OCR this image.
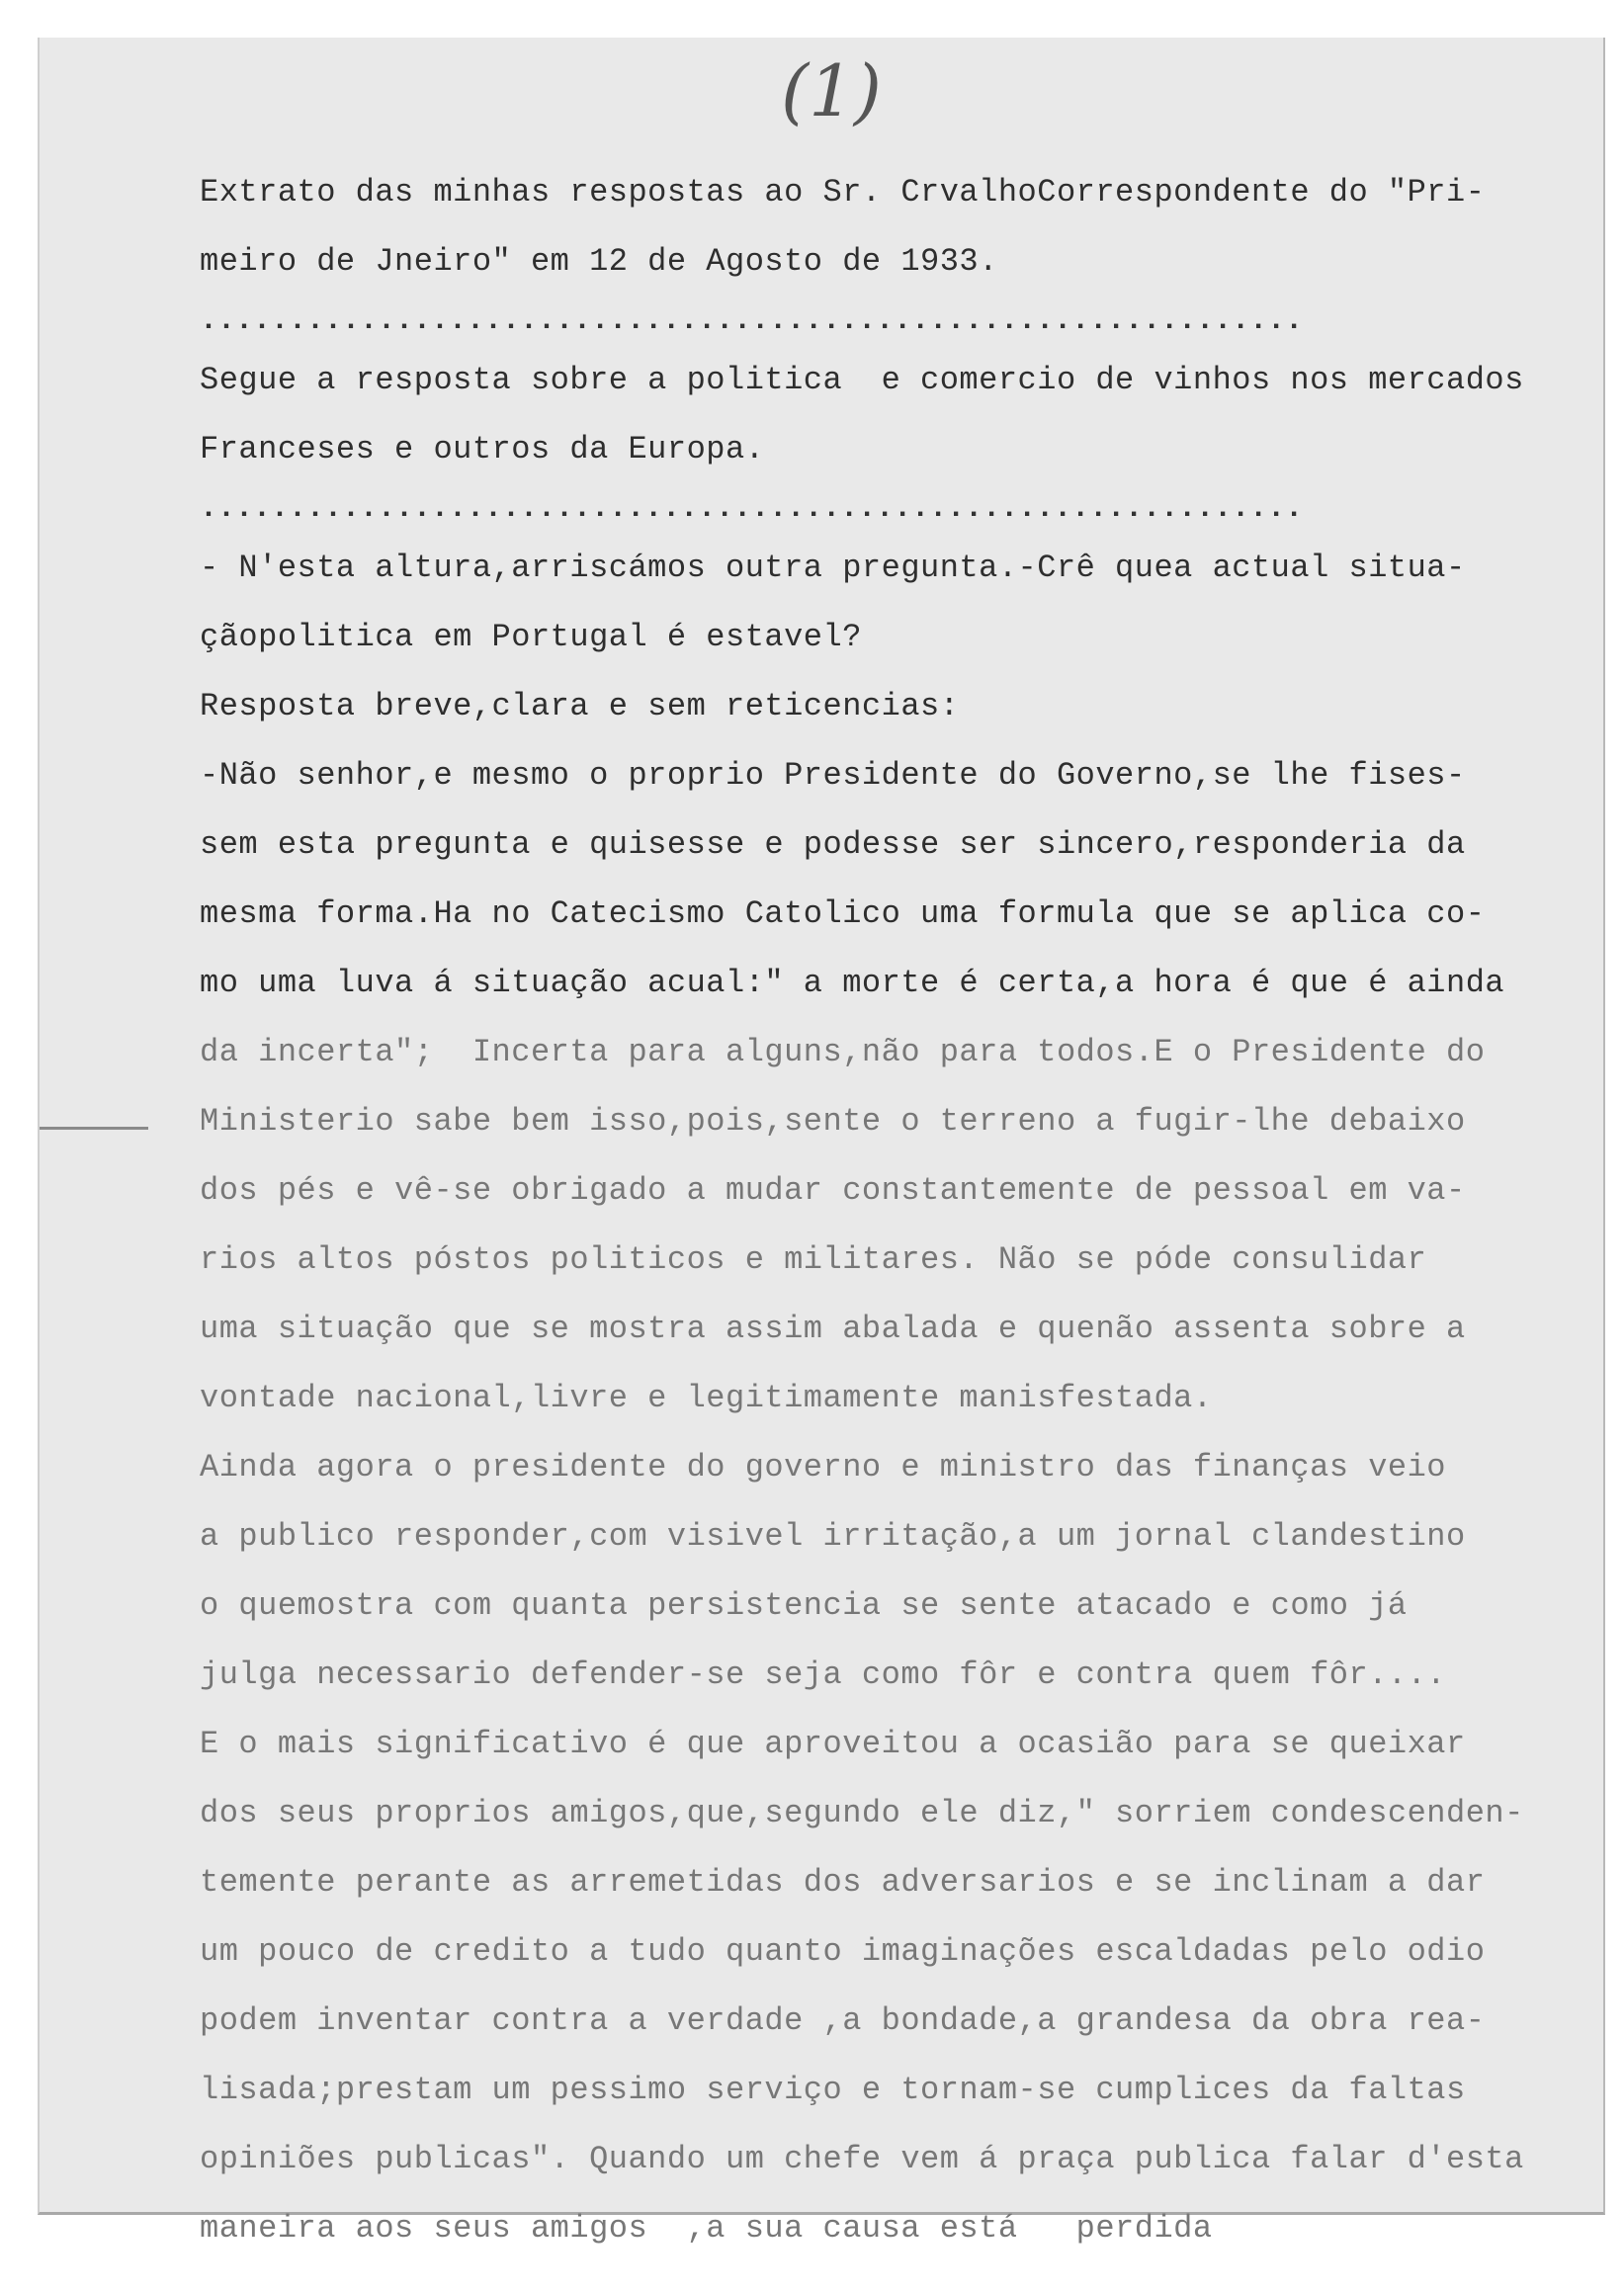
(1)
Extrato das minhas respostas ao Sr. CrvalhoCorrespondente do "Pri-
meiro de Jneiro" em 12 de Agosto de 1933.
..............................................................
Segue a resposta sobre a politica  e comercio de vinhos nos mercados
Franceses e outros da Europa.
..............................................................
- N'esta altura,arriscámos outra pregunta.-Crê quea actual situa-
çãopolitica em Portugal é estavel?
Resposta breve,clara e sem reticencias:
-Não senhor,e mesmo o proprio Presidente do Governo,se lhe fises-
sem esta pregunta e quisesse e podesse ser sincero,responderia da
mesma forma.Ha no Catecismo Catolico uma formula que se aplica co-
mo uma luva á situação acual:" a morte é certa,a hora é que é ainda
da incerta";  Incerta para alguns,não para todos.E o Presidente do
Ministerio sabe bem isso,pois,sente o terreno a fugir-lhe debaixo
dos pés e vê-se obrigado a mudar constantemente de pessoal em va-
rios altos póstos politicos e militares. Não se póde consulidar
uma situação que se mostra assim abalada e quenão assenta sobre a
vontade nacional,livre e legitimamente manisfestada.
Ainda agora o presidente do governo e ministro das finanças veio
a publico responder,com visivel irritação,a um jornal clandestino
o quemostra com quanta persistencia se sente atacado e como já
julga necessario defender-se seja como fôr e contra quem fôr....
E o mais significativo é que aproveitou a ocasião para se queixar
dos seus proprios amigos,que,segundo ele diz," sorriem condescenden-
temente perante as arremetidas dos adversarios e se inclinam a dar
um pouco de credito a tudo quanto imaginações escaldadas pelo odio
podem inventar contra a verdade ,a bondade,a grandesa da obra rea-
lisada;prestam um pessimo serviço e tornam-se cumplices da faltas
opiniões publicas". Quando um chefe vem á praça publica falar d'esta
maneira aos seus amigos  ,a sua causa está   perdida
